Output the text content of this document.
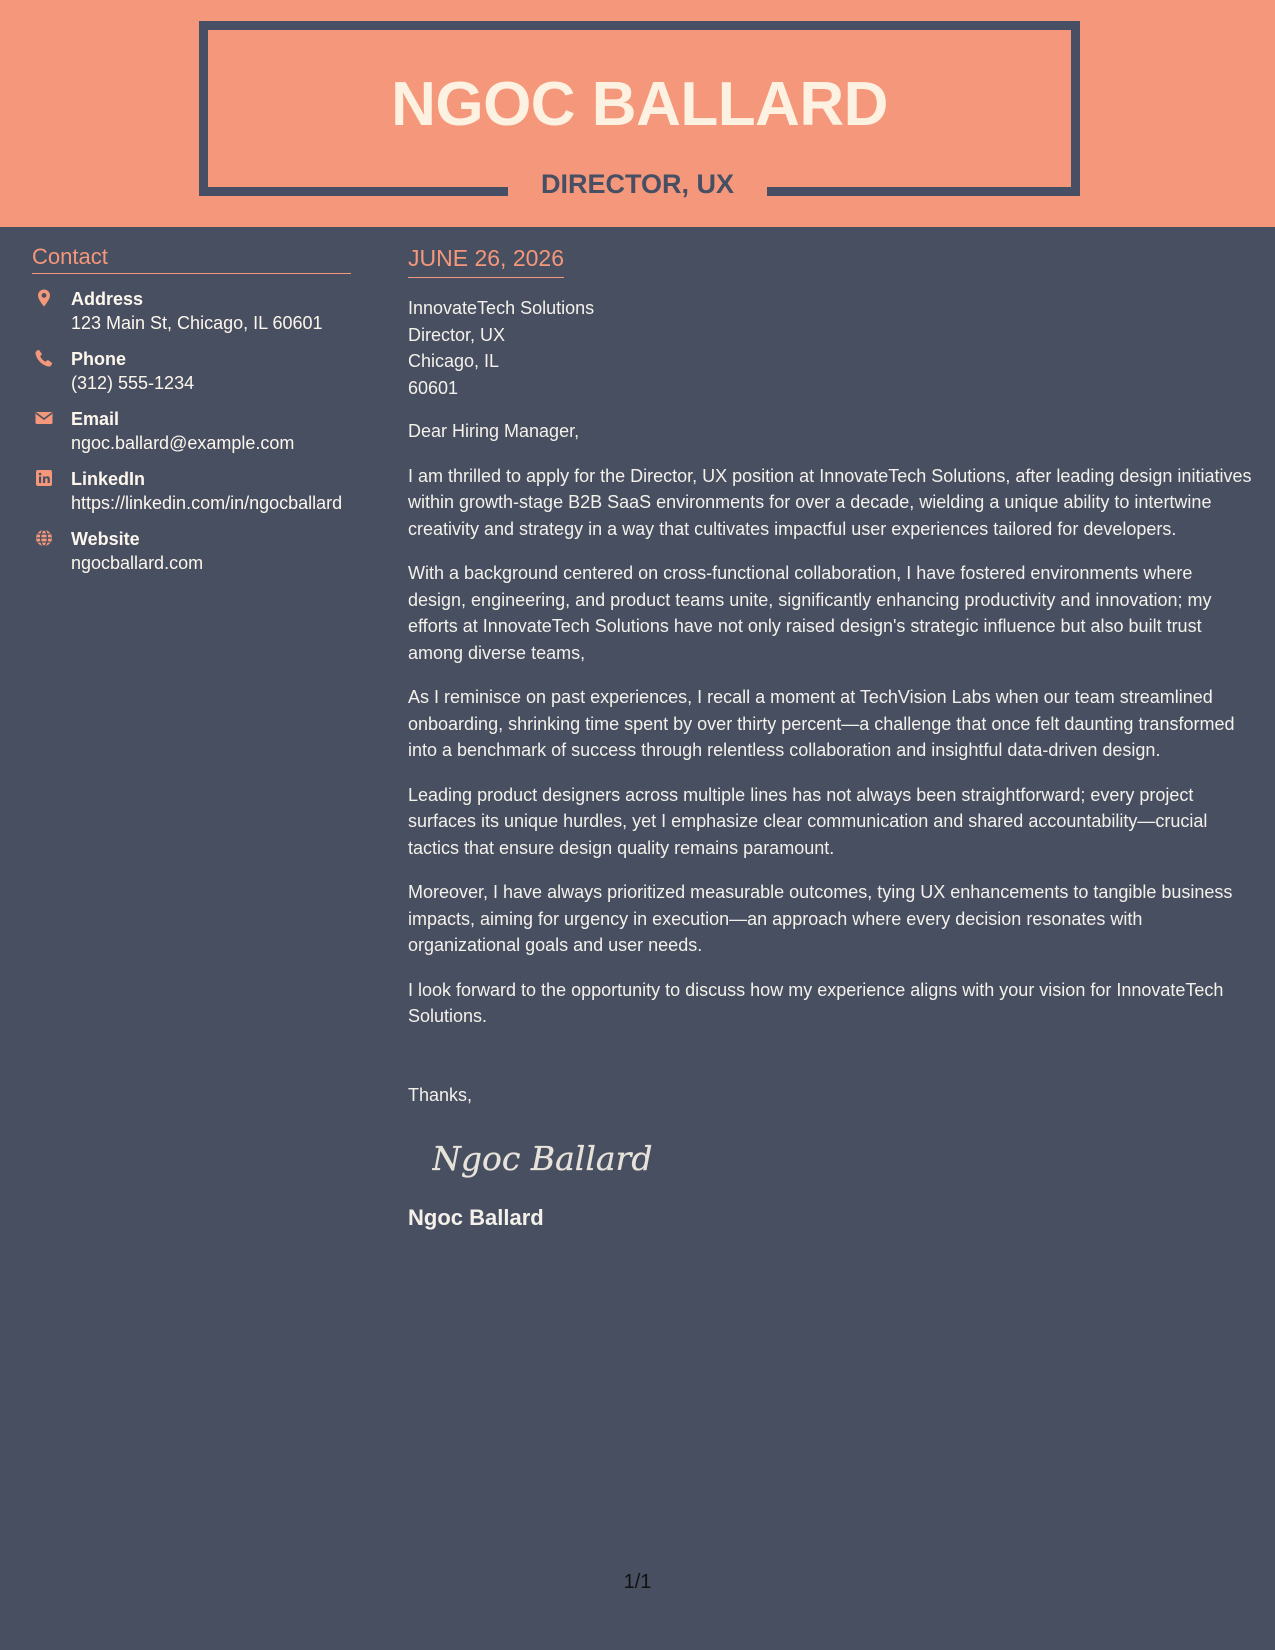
NGOC BALLARD
DIRECTOR, UX
Contact
Address
123 Main St, Chicago, IL 60601
Phone
(312) 555-1234
Email
ngoc.ballard@example.com
LinkedIn
https://linkedin.com/in/ngocballard
Website
ngocballard.com
JUNE 26, 2026
InnovateTech Solutions
Director, UX
Chicago, IL
60601
Dear Hiring Manager,

I am thrilled to apply for the Director, UX position at InnovateTech Solutions, after leading design initiatives within growth-stage B2B SaaS environments for over a decade, wielding a unique ability to intertwine creativity and strategy in a way that cultivates impactful user experiences tailored for developers.

With a background centered on cross-functional collaboration, I have fostered environments where design, engineering, and product teams unite, significantly enhancing productivity and innovation; my efforts at InnovateTech Solutions have not only raised design's strategic influence but also built trust among diverse teams,

As I reminisce on past experiences, I recall a moment at TechVision Labs when our team streamlined onboarding, shrinking time spent by over thirty percent—a challenge that once felt daunting transformed into a benchmark of success through relentless collaboration and insightful data-driven design.

Leading product designers across multiple lines has not always been straightforward; every project surfaces its unique hurdles, yet I emphasize clear communication and shared accountability—crucial tactics that ensure design quality remains paramount.

Moreover, I have always prioritized measurable outcomes, tying UX enhancements to tangible business impacts, aiming for urgency in execution—an approach where every decision resonates with organizational goals and user needs.

I look forward to the opportunity to discuss how my experience aligns with your vision for InnovateTech Solutions.

Thanks,
Ngoc Ballard
Ngoc Ballard
1/1
